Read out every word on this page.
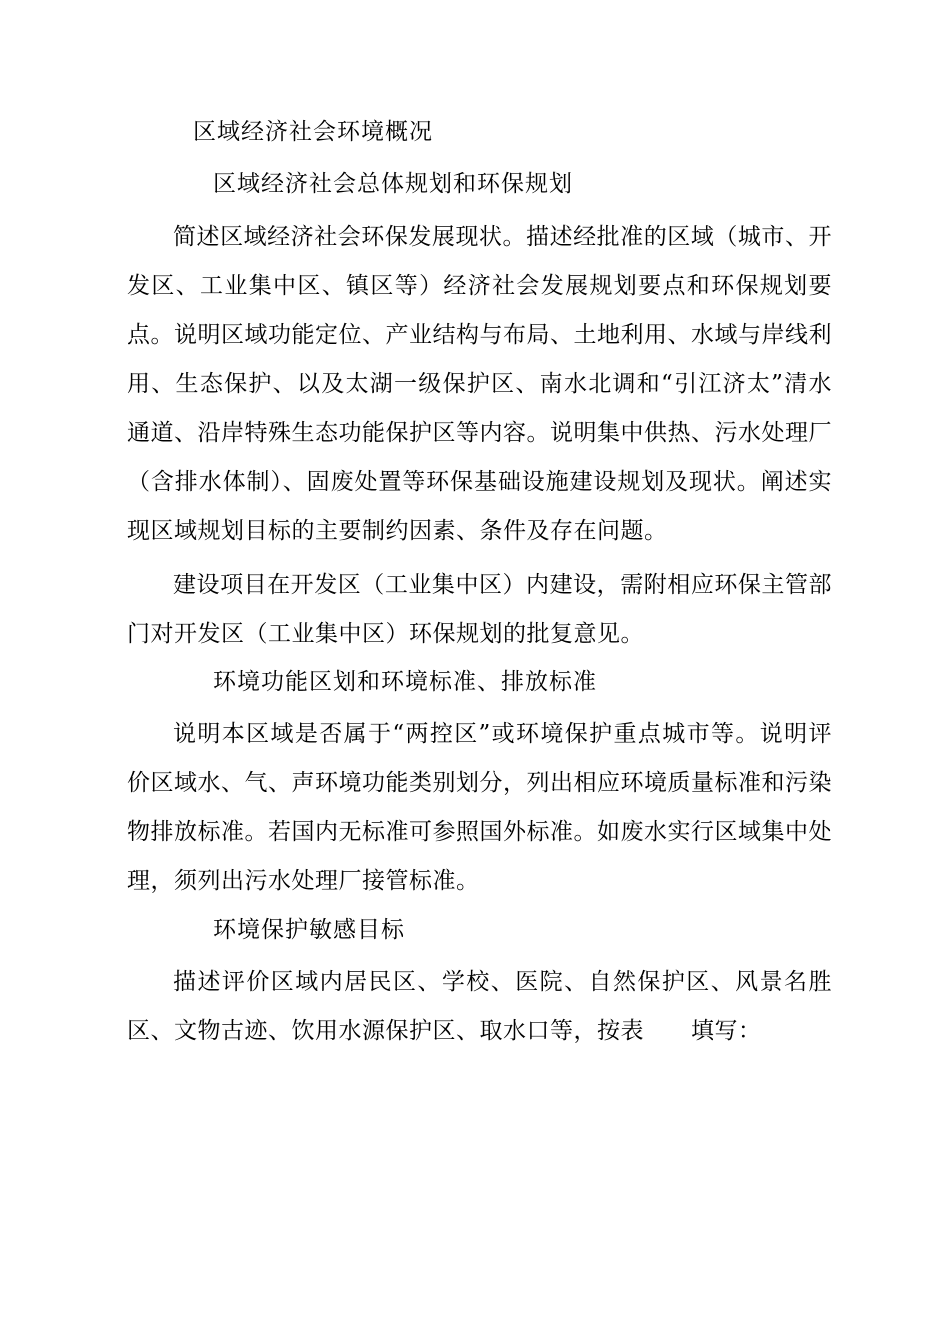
区域经济社会环境概况
区域经济社会总体规划和环保规划
简述区域经济社会环保发展现状。描述经批准的区域（城市、开发区、工业集中区、镇区等）经济社会发展规划要点和环保规划要点。说明区域功能定位、产业结构与布局、土地利用、水域与岸线利用、生态保护、以及太湖一级保护区、南水北调和“引江济太”清水通道、沿岸特殊生态功能保护区等内容。说明集中供热、污水处理厂（含排水体制）、固废处置等环保基础设施建设规划及现状。阐述实现区域规划目标的主要制约因素、条件及存在问题。
建设项目在开发区（工业集中区）内建设，需附相应环保主管部门对开发区（工业集中区）环保规划的批复意见。
环境功能区划和环境标准、排放标准
说明本区域是否属于“两控区”或环境保护重点城市等。说明评价区域水、气、声环境功能类别划分，列出相应环境质量标准和污染物排放标准。若国内无标准可参照国外标准。如废水实行区域集中处理，须列出污水处理厂接管标准。
环境保护敏感目标
描述评价区域内居民区、学校、医院、自然保护区、风景名胜区、文物古迹、饮用水源保护区、取水口等，按表　　填写：
